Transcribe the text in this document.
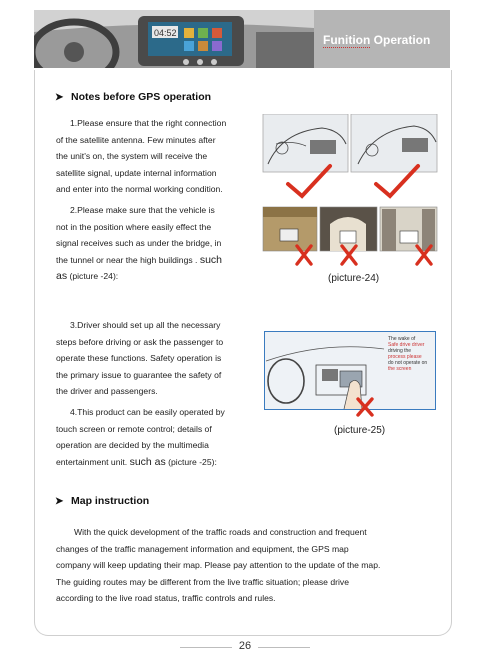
04:52	Funition Operation
➤ Notes before GPS operation
1.Please ensure that the right connection
of the satellite antenna. Few minutes after
the unit's on, the system will receive the
satellite signal, update internal information
and enter into the normal working condition.
2.Please make sure that the vehicle is
not in the position where easily effect the
signal receives such as under the bridge, in
the tunnel or near the high buildings . such
as (picture -24):	(picture-24)
3.Driver should set up all the necessary
steps before driving or ask the passenger to
operate these functions. Safety operation is
the primary issue to guarantee the safety of
the driver and passengers.
4.This product can be easily operated by
touch screen or remote control; details of
operation are decided by the multimedia
entertainment unit. such as (picture -25):
The wake of
Safe drive driver
driving the
process please
do not operate on
the screen
(picture-25)
➤ Map instruction
With the quick development of the traffic roads and construction and frequent
changes of the traffic management information and equipment, the GPS map
company will keep updating their map. Please pay attention to the update of the map.
The guiding routes may be different from the live traffic situation; please drive
according to the live road status, traffic controls and rules.
26
